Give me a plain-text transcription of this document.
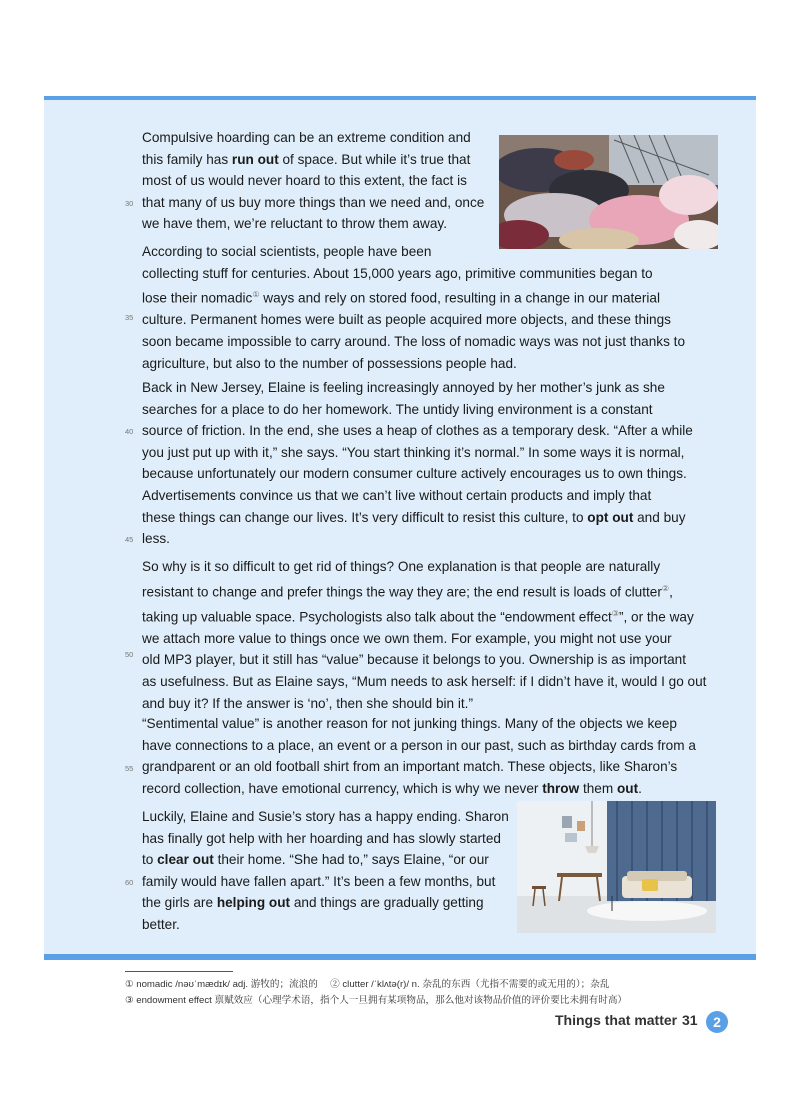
Compulsive hoarding can be an extreme condition and

this family has run out of space. But while it’s true that

most of us would never hoard to this extent, the fact is

that many of us buy more things than we need and, once

we have them, we’re reluctant to throw them away.

According to social scientists, people have been

collecting stuff for centuries. About 15,000 years ago, primitive communities began to

lose their nomadic① ways and rely on stored food, resulting in a change in our material

culture. Permanent homes were built as people acquired more objects, and these things

soon became impossible to carry around. The loss of nomadic ways was not just thanks to

agriculture, but also to the number of possessions people had.

Back in New Jersey, Elaine is feeling increasingly annoyed by her mother’s junk as she

searches for a place to do her homework. The untidy living environment is a constant

source of friction. In the end, she uses a heap of clothes as a temporary desk. “After a while

you just put up with it,” she says. “You start thinking it’s normal.” In some ways it is normal,

because unfortunately our modern consumer culture actively encourages us to own things.

Advertisements convince us that we can’t live without certain products and imply that

these things can change our lives. It’s very difficult to resist this culture, to opt out and buy

less.

So why is it so difficult to get rid of things? One explanation is that people are naturally

resistant to change and prefer things the way they are; the end result is loads of clutter②,

taking up valuable space. Psychologists also talk about the “endowment effect③”, or the way

we attach more value to things once we own them. For example, you might not use your

old MP3 player, but it still has “value” because it belongs to you. Ownership is as important

as usefulness. But as Elaine says, “Mum needs to ask herself: if I didn’t have it, would I go out

and buy it? If the answer is ‘no’, then she should bin it.”

“Sentimental value” is another reason for not junking things. Many of the objects we keep

have connections to a place, an event or a person in our past, such as birthday cards from a

grandparent or an old football shirt from an important match. These objects, like Sharon’s

record collection, have emotional currency, which is why we never throw them out.

Luckily, Elaine and Susie’s story has a happy ending. Sharon

has finally got help with her hoarding and has slowly started

to clear out their home. “She had to,” says Elaine, “or our

family would have fallen apart.” It’s been a few months, but

the girls are helping out and things are gradually getting

better.

30
35
40
45
50
55
60
① nomadic /nəʊˈmædɪk/ adj. 游牧的；流浪的　 ② clutter /ˈklʌtə(r)/ n. 杂乱的东西（尤指不需要的或无用的）；杂乱
③ endowment effect 禀赋效应（心理学术语，指个人一旦拥有某项物品，那么他对该物品价值的评价要比未拥有时高）
Things that matter 31	2
